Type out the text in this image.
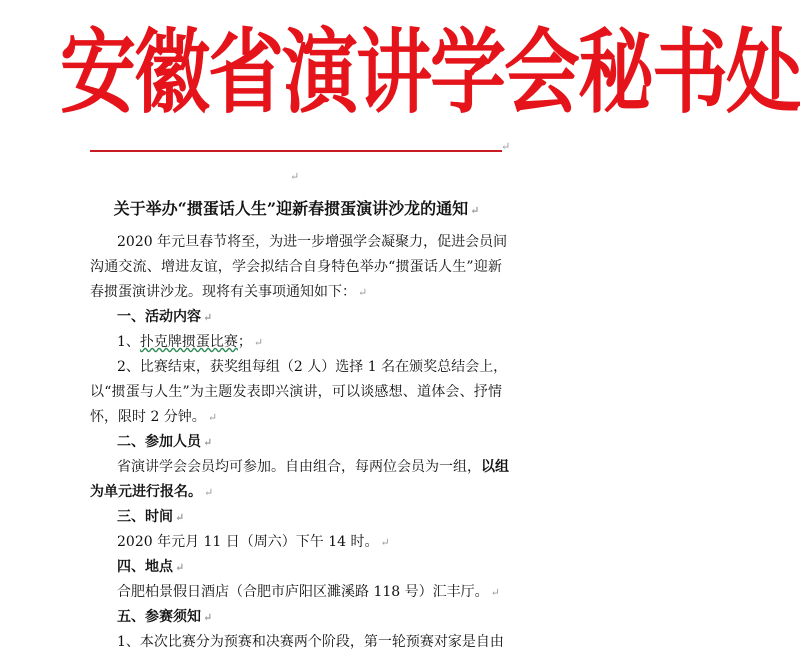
安徽省演讲学会秘书处
↵
↵
关于举办“掼蛋话人生”迎新春掼蛋演讲沙龙的通知 ↵
2020 年元旦春节将至，为进一步增强学会凝聚力，促进会员间
沟通交流、增进友谊，学会拟结合自身特色举办“掼蛋话人生”迎新
春掼蛋演讲沙龙。现将有关事项通知如下： ↵
一、活动内容 ↵
1、扑克牌掼蛋比赛； ↵
2、比赛结束，获奖组每组（2 人）选择 1 名在颁奖总结会上，
以“掼蛋与人生”为主题发表即兴演讲，可以谈感想、道体会、抒情
怀，限时 2 分钟。 ↵
二、参加人员 ↵
省演讲学会会员均可参加。自由组合，每两位会员为一组，以组
为单元进行报名。 ↵
三、时间 ↵
2020 年元月 11 日（周六）下午 14 时。 ↵
四、地点 ↵
合肥柏景假日酒店（合肥市庐阳区濉溪路 118 号）汇丰厅。 ↵
五、参赛须知 ↵
1、本次比赛分为预赛和决赛两个阶段，第一轮预赛对家是自由
